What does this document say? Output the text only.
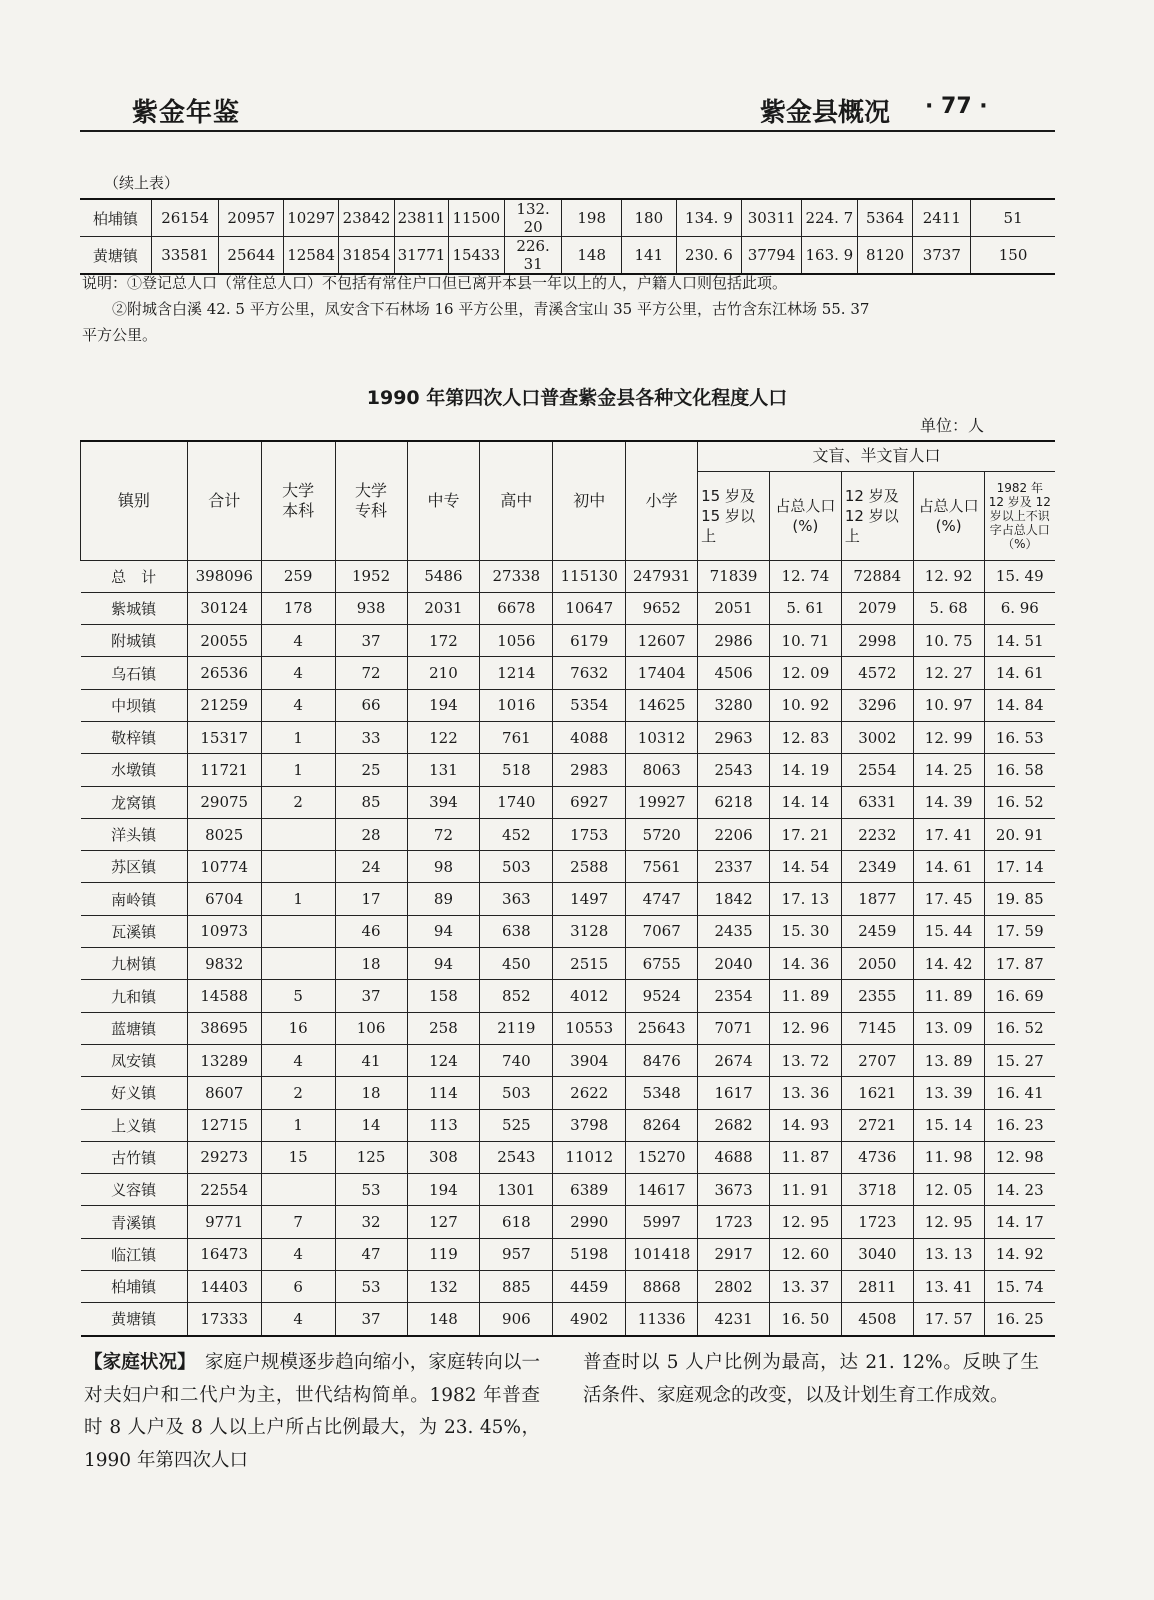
紫金年鉴	紫金县概况 · 77 ·
（续上表）
柏埔镇	26154	20957	10297	23842	23811	11500	132. 20	198	180	134. 9	30311	224. 7	5364	2411	51
黄塘镇	33581	25644	12584	31854	31771	15433	226. 31	148	141	230. 6	37794	163. 9	8120	3737	150
说明：①登记总人口（常住总人口）不包括有常住户口但已离开本县一年以上的人，户籍人口则包括此项。
　　②附城含白溪 42. 5 平方公里，凤安含下石林场 16 平方公里，青溪含宝山 35 平方公里，古竹含东江林场 55. 37
平方公里。
1990 年第四次人口普查紫金县各种文化程度人口
单位：人
镇别	合计	大学本科	大学专科	中专	高中	初中	小学	文盲、半文盲人口				
								15 岁及 15 岁以上	占总人口(%)	12 岁及 12 岁以上	占总人口(%)	1982 年 12 岁及 12 岁以上不识字占总人口（%）
总　计	398096	259	1952	5486	27338	115130	247931	71839	12. 74	72884	12. 92	15. 49
紫城镇	30124	178	938	2031	6678	10647	9652	2051	5. 61	2079	5. 68	6. 96
附城镇	20055	4	37	172	1056	6179	12607	2986	10. 71	2998	10. 75	14. 51
乌石镇	26536	4	72	210	1214	7632	17404	4506	12. 09	4572	12. 27	14. 61
中坝镇	21259	4	66	194	1016	5354	14625	3280	10. 92	3296	10. 97	14. 84
敬梓镇	15317	1	33	122	761	4088	10312	2963	12. 83	3002	12. 99	16. 53
水墩镇	11721	1	25	131	518	2983	8063	2543	14. 19	2554	14. 25	16. 58
龙窝镇	29075	2	85	394	1740	6927	19927	6218	14. 14	6331	14. 39	16. 52
洋头镇	8025		28	72	452	1753	5720	2206	17. 21	2232	17. 41	20. 91
苏区镇	10774		24	98	503	2588	7561	2337	14. 54	2349	14. 61	17. 14
南岭镇	6704	1	17	89	363	1497	4747	1842	17. 13	1877	17. 45	19. 85
瓦溪镇	10973		46	94	638	3128	7067	2435	15. 30	2459	15. 44	17. 59
九树镇	9832		18	94	450	2515	6755	2040	14. 36	2050	14. 42	17. 87
九和镇	14588	5	37	158	852	4012	9524	2354	11. 89	2355	11. 89	16. 69
蓝塘镇	38695	16	106	258	2119	10553	25643	7071	12. 96	7145	13. 09	16. 52
凤安镇	13289	4	41	124	740	3904	8476	2674	13. 72	2707	13. 89	15. 27
好义镇	8607	2	18	114	503	2622	5348	1617	13. 36	1621	13. 39	16. 41
上义镇	12715	1	14	113	525	3798	8264	2682	14. 93	2721	15. 14	16. 23
古竹镇	29273	15	125	308	2543	11012	15270	4688	11. 87	4736	11. 98	12. 98
义容镇	22554		53	194	1301	6389	14617	3673	11. 91	3718	12. 05	14. 23
青溪镇	9771	7	32	127	618	2990	5997	1723	12. 95	1723	12. 95	14. 17
临江镇	16473	4	47	119	957	5198	101418	2917	12. 60	3040	13. 13	14. 92
柏埔镇	14403	6	53	132	885	4459	8868	2802	13. 37	2811	13. 41	15. 74
黄塘镇	17333	4	37	148	906	4902	11336	4231	16. 50	4508	17. 57	16. 25
【家庭状况】　家庭户规模逐步趋向缩小，家庭转向以一对夫妇户和二代户为主，世代结构简单。1982 年普查时 8 人户及 8 人以上户所占比例最大，为 23. 45%，1990 年第四次人口
普查时以 5 人户比例为最高，达 21. 12%。反映了生活条件、家庭观念的改变，以及计划生育工作成效。
